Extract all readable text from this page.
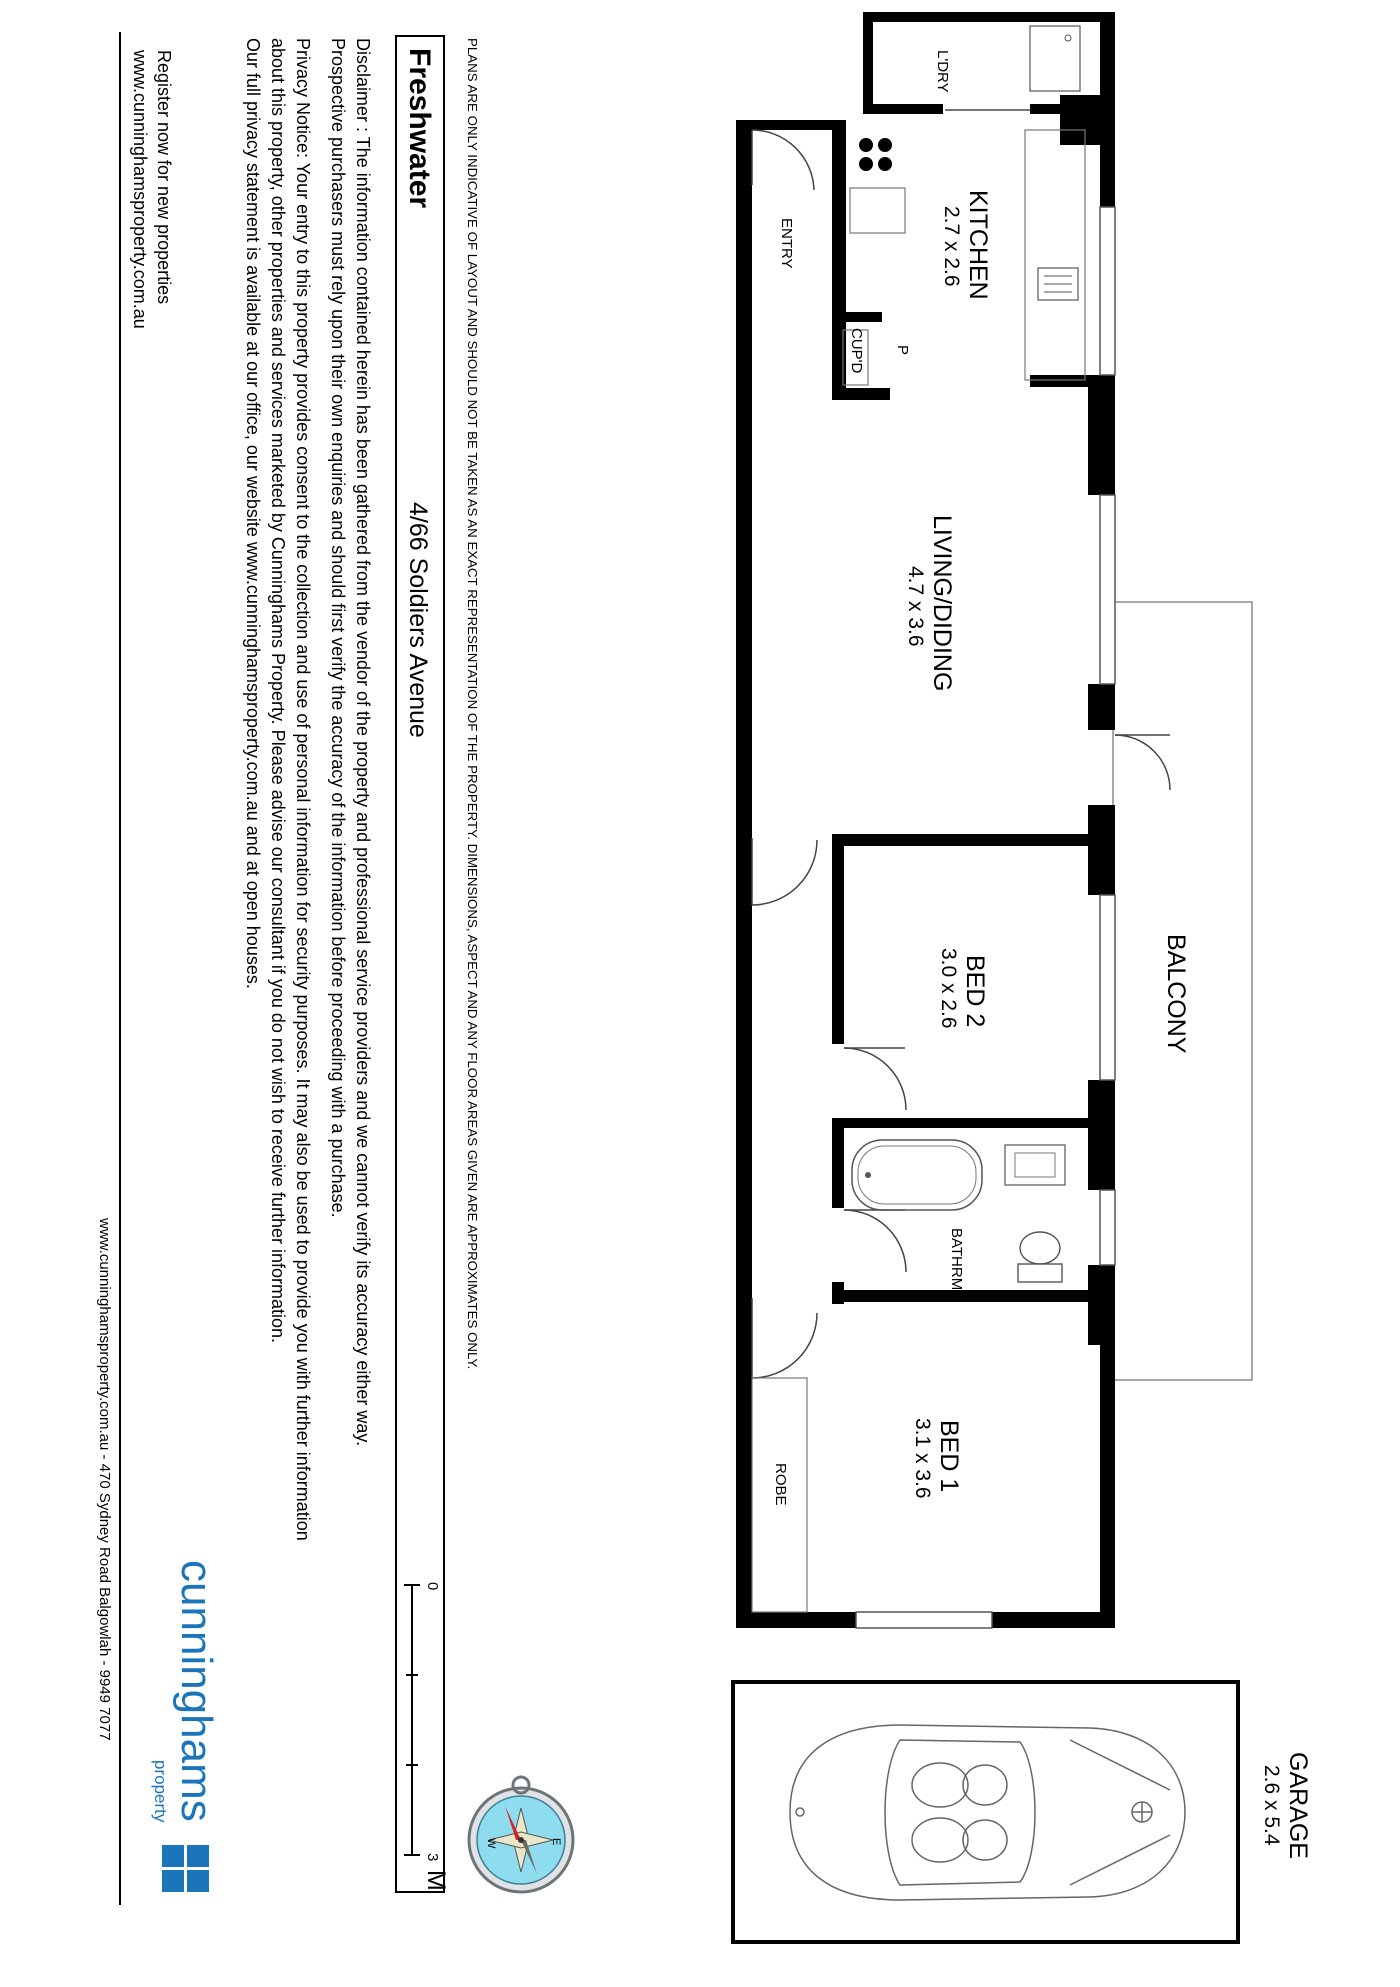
www.cunninghamsproperty.com.au - 470 Sydney Road Balgowlah - 9949 7077
Register now for new properties
www.cunninghamsproperty.com.au	Privacy Notice: Your entry to this property provides consent to the collection and use of personal information for security purposes. It may also be used to provide you with further information
about this property, other properties and services marketed by Cunninghams Property. Please advise our consultant if you do not wish to receive further information.
Our full privacy statement is available at our office, our website www.cunninghamsproperty.com.au and at open houses.	Disclaimer : The information contained herein has been gathered from the vendor of the property and professional service providers and we cannot verify its accuracy either way.
Prospective purchasers must rely upon their own enquiries and should first verify the accuracy of the information before proceeding with a purchase. Freshwater
4/66 Soldiers Avenue
0
3
M
PLANS ARE ONLY INDICATIVE OF LAYOUT AND SHOULD NOT BE TAKEN AS AN EXACT REPRESENTATION OF THE PROPERTY. DIMENSIONS, ASPECT AND ANY FLOOR AREAS GIVEN ARE APPROXIMATES ONLY.
cunninghams
property
E
W
BALCONY
KITCHEN
2.7 x 2.6
ENTRY
CUP'D P
L'DRY
LIVING/DIDING
4.7 x 3.6
BED 2
3.0 x 2.6
BATHRM
ROBE	BED 1
3.1 x 3.6
GARAGE
2.6 x 5.4
